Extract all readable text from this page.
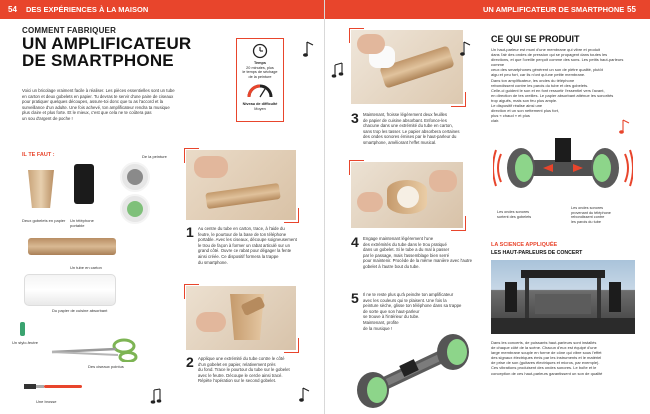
54 DES EXPÉRIENCES À LA MAISON
COMMENT FABRIQUER
UN AMPLIFICATEUR
DE SMARTPHONE
Voici un bricolage vraiment facile à réaliser. Les pièces essentielles sont un tube
en carton et deux gobelets en papier. Tu devras te servir d'une paire de ciseaux
pour pratiquer quelques découpes, assure-toi donc que tu as l'accord et la
surveillance d'un adulte. Une fois achevé, ton amplificateur rendra ta musique
plus claire et plus forte. Et le mieux, c'est que cela ne te coûtera pas
un sou d'argent de poche !
Temps
20 minutes, plus
le temps de séchage
de la peinture
Niveau de difficulté
Moyen
IL TE FAUT :
Deux gobelets en papier Un téléphone
portable
De la peinture
Un tube en carton
Du papier de cuisine absorbant
Un stylo-feutre
Des ciseaux pointus
Une brosse
1 Au centre du tube en carton, trace, à l'aide du
feutre, le pourtour de la base de ton téléphone
portable. Avec les ciseaux, découpe soigneusement
le trou de façon à former un rabat articulé sur un
grand côté. Ouvre ce rabat pour dégager la fente
ainsi créée. Ce dispositif formera la trappe
du smartphone.
2 Applique une extrémité du tube contre le côté
d'un gobelet en papier, relativement près
du fond. Trace le pourtour du tube sur le gobelet
avec le feutre. Découpe le cercle ainsi tracé.
Répète l'opération sur le second gobelet.
UN AMPLIFICATEUR DE SMARTPHONE 55
3 Maintenant, froisse légèrement deux feuilles
de papier de cuisine absorbant. Enfonce-les
chacune dans une extrémité du tube en carton,
sans trop les tasser. Le papier absorbera certaines
des ondes sonores émises par le haut-parleur du
smartphone, améliorant l'effet musical.
4 Engage maintenant légèrement l'une
des extrémités du tube dans le trou pratiqué
dans un gobelet. Si le tube a du mal à passer
par le passage, mais l'assemblage bien serré
pour maintenir. Procède de la même manière avec l'autre
gobelet à l'autre bout du tube.
5 Il ne te reste plus qu'à peindre ton amplificateur
avec les couleurs qui te plaisent. Une fois la
peinture sèche, glisse ton téléphone dans sa trappe
de sorte que son haut-parleur
se trouve à l'intérieur du tube.
Maintenant, profite
de la musique !
CE QUI SE PRODUIT
Un haut-parleur est muni d'une membrane qui vibre et produit
dans l'air des ondes de pression qui se propagent dans toutes les
directions, et que l'oreille perçoit comme des sons. Les petits haut-parleurs comme
ceux des smartphones génèrent un son de piètre qualité, plutôt
aigu et peu fort, car ils n'ont qu'une petite membrane.
Dans ton amplificateur, les ondes du téléphone
rebondissent contre les parois du tube et des gobelets.
Celle-ci guident le son et en font ressortir l'essentiel vers l'avant,
en direction de tes oreilles. Le papier absorbant atténue les sonorités
trop aiguës, mais son feu plus ample.
Le dispositif réalise ainsi une
direction et un son nettement plus fort,
plus « chaud » et plus
clair.
Les ondes sonores
sortent des gobelets
Les ondes sonores
provenant du téléphone
rebondissent contre
les parois du tube
LA SCIENCE APPLIQUÉE
LES HAUT-PARLEURS DE CONCERT
Dans les concerts, de puissants haut-parleurs sont installés
de chaque côté de la scène. Chacun d'eux est équipé d'une
large membrane souple en forme de cône qui vibre sous l'effet
des signaux électriques émis par les instruments et le matériel
de prise de son (guitares électriques et micros, par exemple).
Ces vibrations produisent des ondes sonores. Le boîte et le
conception de ces haut-parleurs garantissent un son de qualité
